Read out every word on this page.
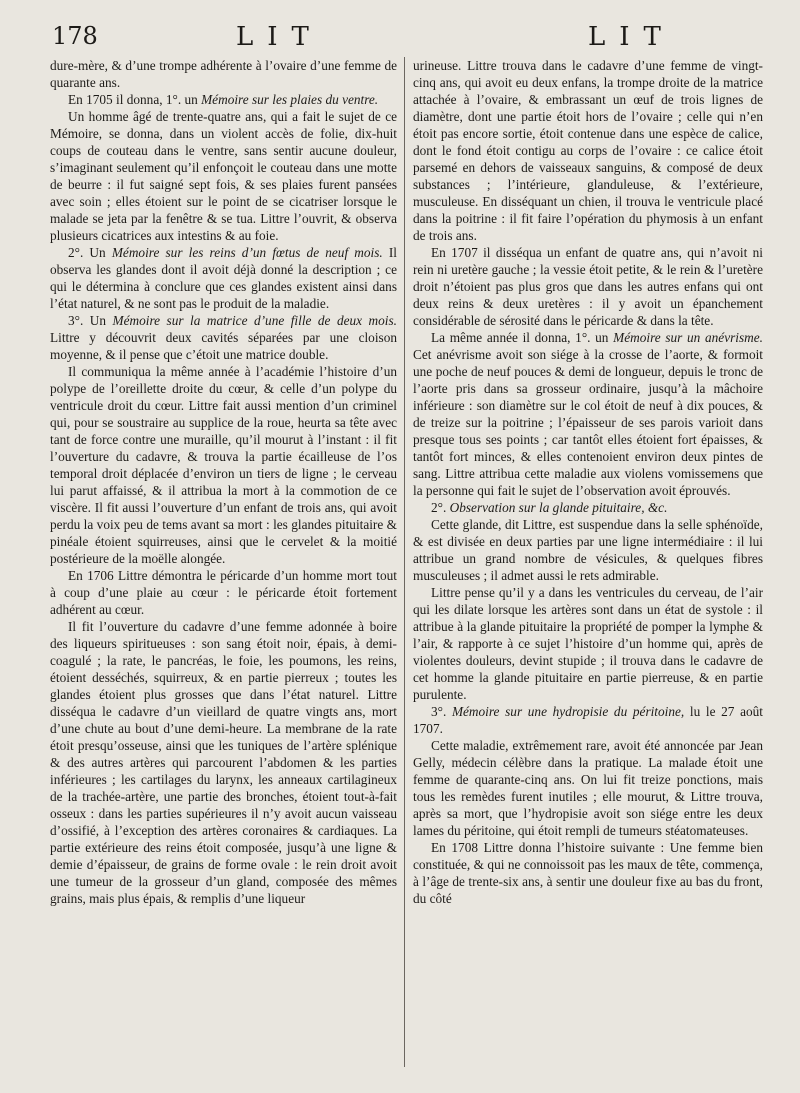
178	LIT	LIT

dure-mère, & d’une trompe adhérente à l’ovaire d’une femme de quarante ans.

En 1705 il donna, 1°. un Mémoire sur les plaies du ventre.

Un homme âgé de trente-quatre ans, qui a fait le sujet de ce Mémoire, se donna, dans un violent accès de folie, dix-huit coups de couteau dans le ventre, sans sentir aucune douleur, s’imaginant seulement qu’il enfonçoit le couteau dans une motte de beurre : il fut saigné sept fois, & ses plaies furent pansées avec soin ; elles étoient sur le point de se cicatriser lorsque le malade se jeta par la fenêtre & se tua. Littre l’ouvrit, & observa plusieurs cicatrices aux intestins & au foie.

2°. Un Mémoire sur les reins d’un fœtus de neuf mois. Il observa les glandes dont il avoit déjà donné la description ; ce qui le détermina à conclure que ces glandes existent ainsi dans l’état naturel, & ne sont pas le produit de la maladie.

3°. Un Mémoire sur la matrice d’une fille de deux mois. Littre y découvrit deux cavités séparées par une cloison moyenne, & il pense que c’étoit une matrice double.

Il communiqua la même année à l’académie l’histoire d’un polype de l’oreillette droite du cœur, & celle d’un polype du ventricule droit du cœur. Littre fait aussi mention d’un criminel qui, pour se soustraire au supplice de la roue, heurta sa tête avec tant de force contre une muraille, qu’il mourut à l’instant : il fit l’ouverture du cadavre, & trouva la partie écailleuse de l’os temporal droit déplacée d’environ un tiers de ligne ; le cerveau lui parut affaissé, & il attribua la mort à la commotion de ce viscère. Il fit aussi l’ouverture d’un enfant de trois ans, qui avoit perdu la voix peu de tems avant sa mort : les glandes pituitaire & pinéale étoient squirreuses, ainsi que le cervelet & la moitié postérieure de la moëlle alongée.

En 1706 Littre démontra le péricarde d’un homme mort tout à coup d’une plaie au cœur : le péricarde étoit fortement adhérent au cœur.

Il fit l’ouverture du cadavre d’une femme adonnée à boire des liqueurs spiritueuses : son sang étoit noir, épais, à demi-coagulé ; la rate, le pancréas, le foie, les poumons, les reins, étoient desséchés, squirreux, & en partie pierreux ; toutes les glandes étoient plus grosses que dans l’état naturel. Littre disséqua le cadavre d’un vieillard de quatre vingts ans, mort d’une chute au bout d’une demi-heure. La membrane de la rate étoit presqu’osseuse, ainsi que les tuniques de l’artère splénique & des autres artères qui parcourent l’abdomen & les parties inférieures ; les cartilages du larynx, les anneaux cartilagineux de la trachée-artère, une partie des bronches, étoient tout-à-fait osseux : dans les parties supérieures il n’y avoit aucun vaisseau d’ossifié, à l’exception des artères coronaires & cardiaques. La partie extérieure des reins étoit composée, jusqu’à une ligne & demie d’épaisseur, de grains de forme ovale : le rein droit avoit une tumeur de la grosseur d’un gland, composée des mêmes grains, mais plus épais, & remplis d’une liqueur

urineuse. Littre trouva dans le cadavre d’une femme de vingt-cinq ans, qui avoit eu deux enfans, la trompe droite de la matrice attachée à l’ovaire, & embrassant un œuf de trois lignes de diamètre, dont une partie étoit hors de l’ovaire ; celle qui n’en étoit pas encore sortie, étoit contenue dans une espèce de calice, dont le fond étoit contigu au corps de l’ovaire : ce calice étoit parsemé en dehors de vaisseaux sanguins, & composé de deux substances ; l’intérieure, glanduleuse, & l’extérieure, musculeuse. En disséquant un chien, il trouva le ventricule placé dans la poitrine : il fit faire l’opération du phymosis à un enfant de trois ans.

En 1707 il disséqua un enfant de quatre ans, qui n’avoit ni rein ni uretère gauche ; la vessie étoit petite, & le rein & l’uretère droit n’étoient pas plus gros que dans les autres enfans qui ont deux reins & deux uretères : il y avoit un épanchement considérable de sérosité dans le péricarde & dans la tête.

La même année il donna, 1°. un Mémoire sur un anévrisme. Cet anévrisme avoit son siége à la crosse de l’aorte, & formoit une poche de neuf pouces & demi de longueur, depuis le tronc de l’aorte pris dans sa grosseur ordinaire, jusqu’à la mâchoire inférieure : son diamètre sur le col étoit de neuf à dix pouces, & de treize sur la poitrine ; l’épaisseur de ses parois varioit dans presque tous ses points ; car tantôt elles étoient fort épaisses, & tantôt fort minces, & elles contenoient environ deux pintes de sang. Littre attribua cette maladie aux violens vomissemens que la personne qui fait le sujet de l’observation avoit éprouvés.

2°. Observation sur la glande pituitaire, &c.

Cette glande, dit Littre, est suspendue dans la selle sphénoïde, & est divisée en deux parties par une ligne intermédiaire : il lui attribue un grand nombre de vésicules, & quelques fibres musculeuses ; il admet aussi le rets admirable.

Littre pense qu’il y a dans les ventricules du cerveau, de l’air qui les dilate lorsque les artères sont dans un état de systole : il attribue à la glande pituitaire la propriété de pomper la lymphe & l’air, & rapporte à ce sujet l’histoire d’un homme qui, après de violentes douleurs, devint stupide ; il trouva dans le cadavre de cet homme la glande pituitaire en partie pierreuse, & en partie purulente.

3°. Mémoire sur une hydropisie du péritoine, lu le 27 août 1707.

Cette maladie, extrêmement rare, avoit été annoncée par Jean Gelly, médecin célèbre dans la pratique. La malade étoit une femme de quarante-cinq ans. On lui fit treize ponctions, mais tous les remèdes furent inutiles ; elle mourut, & Littre trouva, après sa mort, que l’hydropisie avoit son siége entre les deux lames du péritoine, qui étoit rempli de tumeurs stéatomateuses.

En 1708 Littre donna l’histoire suivante : Une femme bien constituée, & qui ne connoissoit pas les maux de tête, commença, à l’âge de trente-six ans, à sentir une douleur fixe au bas du front, du côté
